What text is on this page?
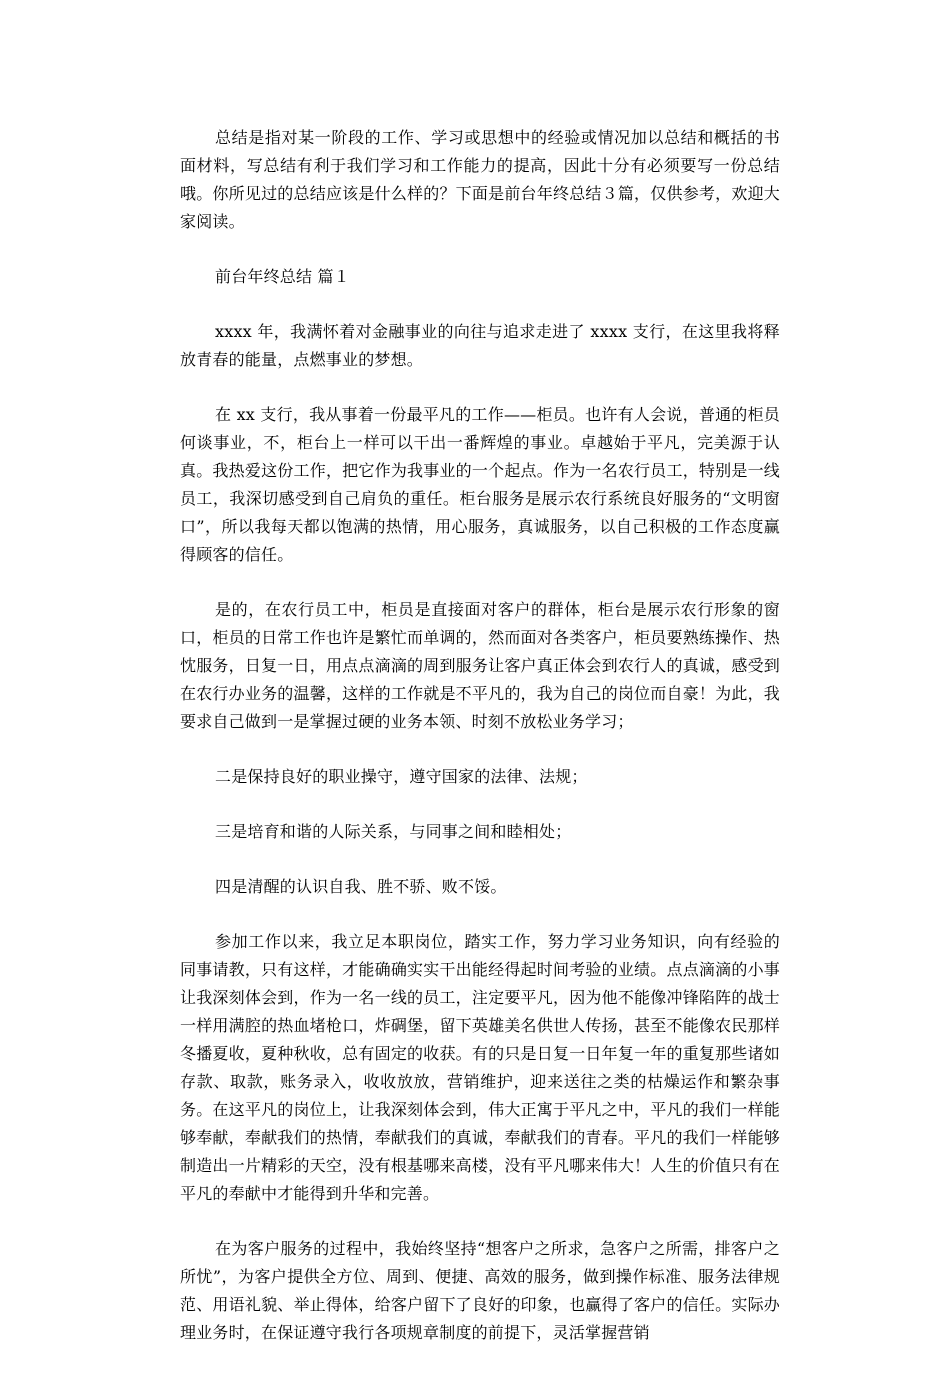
总结是指对某一阶段的工作、学习或思想中的经验或情况加以总结和概括的书面材料，写总结有利于我们学习和工作能力的提高，因此十分有必须要写一份总结哦。你所见过的总结应该是什么样的？下面是前台年终总结３篇，仅供参考，欢迎大家阅读。

前台年终总结 篇１

xxxx 年，我满怀着对金融事业的向往与追求走进了 xxxx 支行，在这里我将释放青春的能量，点燃事业的梦想。

在 xx 支行，我从事着一份最平凡的工作——柜员。也许有人会说，普通的柜员何谈事业，不，柜台上一样可以干出一番辉煌的事业。卓越始于平凡，完美源于认真。我热爱这份工作，把它作为我事业的一个起点。作为一名农行员工，特别是一线员工，我深切感受到自己肩负的重任。柜台服务是展示农行系统良好服务的“文明窗口”，所以我每天都以饱满的热情，用心服务，真诚服务，以自己积极的工作态度赢得顾客的信任。

是的，在农行员工中，柜员是直接面对客户的群体，柜台是展示农行形象的窗口，柜员的日常工作也许是繁忙而单调的，然而面对各类客户，柜员要熟练操作、热忱服务，日复一日，用点点滴滴的周到服务让客户真正体会到农行人的真诚，感受到在农行办业务的温馨，这样的工作就是不平凡的，我为自己的岗位而自豪！为此，我要求自己做到一是掌握过硬的业务本领、时刻不放松业务学习；

二是保持良好的职业操守，遵守国家的法律、法规；

三是培育和谐的人际关系，与同事之间和睦相处；

四是清醒的认识自我、胜不骄、败不馁。

参加工作以来，我立足本职岗位，踏实工作，努力学习业务知识，向有经验的同事请教，只有这样，才能确确实实干出能经得起时间考验的业绩。点点滴滴的小事让我深刻体会到，作为一名一线的员工，注定要平凡，因为他不能像冲锋陷阵的战士一样用满腔的热血堵枪口，炸碉堡，留下英雄美名供世人传扬，甚至不能像农民那样冬播夏收，夏种秋收，总有固定的收获。有的只是日复一日年复一年的重复那些诸如存款、取款，账务录入，收收放放，营销维护，迎来送往之类的枯燥运作和繁杂事务。在这平凡的岗位上，让我深刻体会到，伟大正寓于平凡之中，平凡的我们一样能够奉献，奉献我们的热情，奉献我们的真诚，奉献我们的青春。平凡的我们一样能够制造出一片精彩的天空，没有根基哪来高楼，没有平凡哪来伟大！人生的价值只有在平凡的奉献中才能得到升华和完善。

在为客户服务的过程中，我始终坚持“想客户之所求，急客户之所需，排客户之所忧”，为客户提供全方位、周到、便捷、高效的服务，做到操作标准、服务法律规范、用语礼貌、举止得体，给客户留下了良好的印象，也赢得了客户的信任。实际办理业务时，在保证遵守我行各项规章制度的前提下，灵活掌握营销
